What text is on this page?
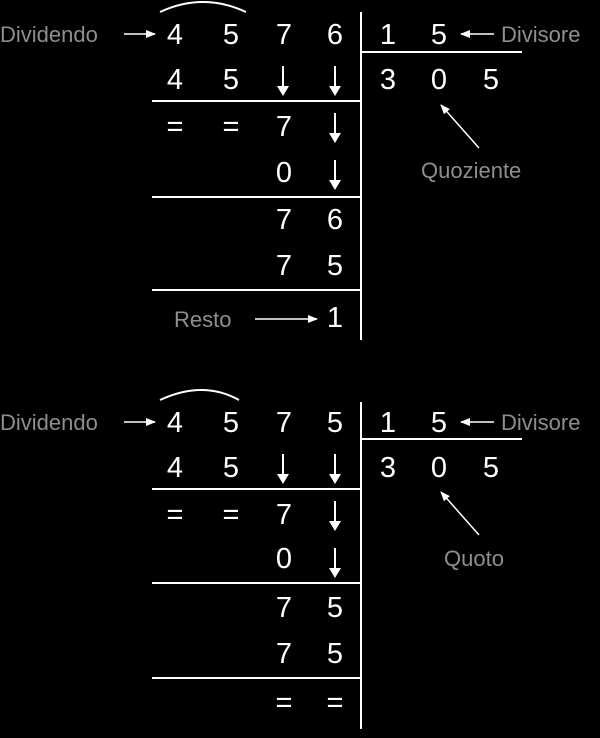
Dividendo	Divisore
Quoziente
Resto
4 5 7 6 1 5
3 0 5
4 5
= = 7
0
7 6
7 5
1
Dividendo	Divisore
Quoto
4 5 7 5 1 5
3 0 5
4 5
= = 7
0
7 5
7 5
= =
